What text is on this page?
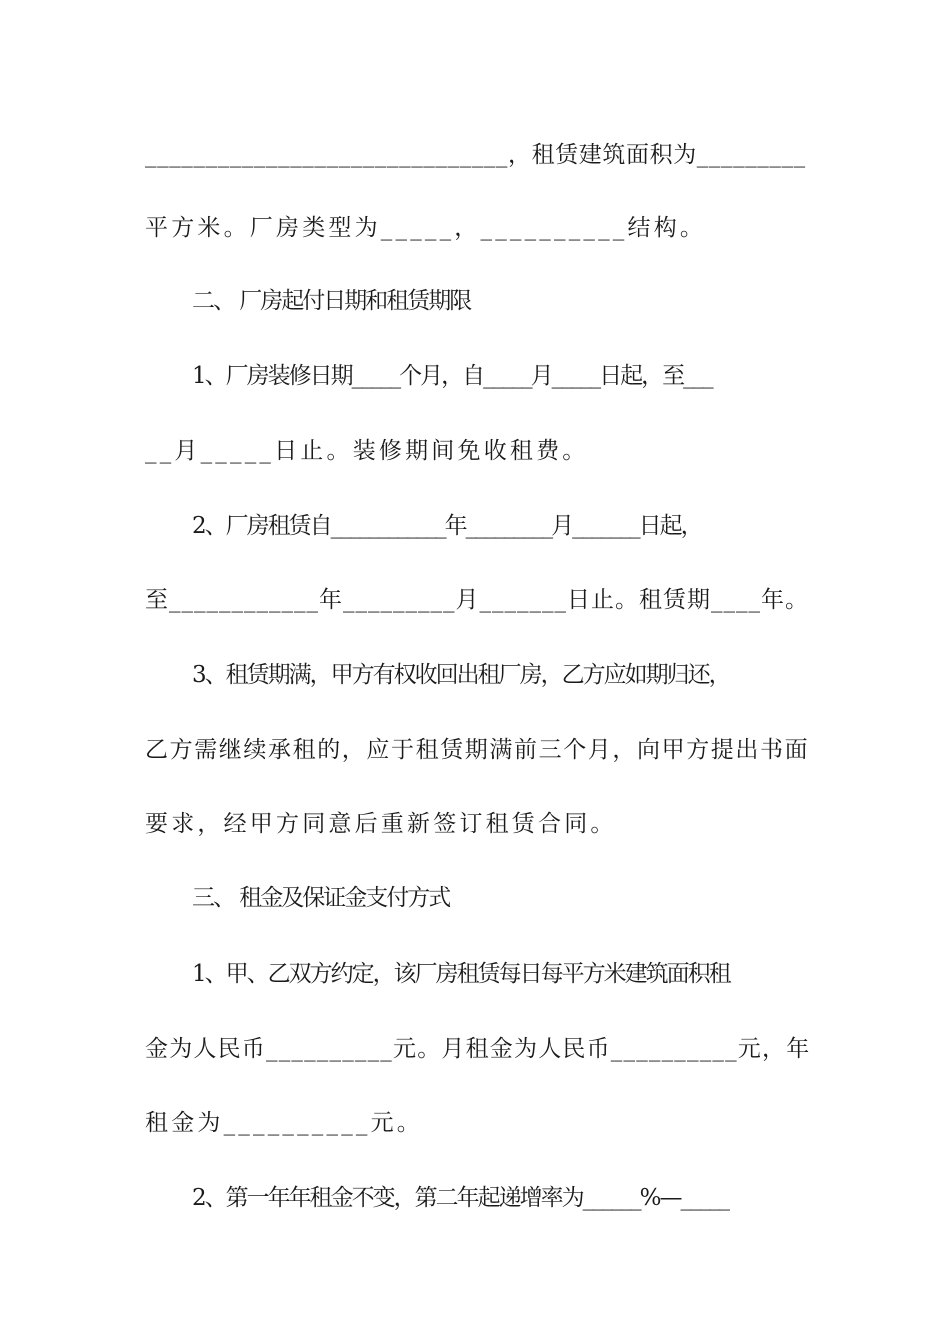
______________________________，租赁建筑面积为_________
平方米。厂房类型为_____，__________结构。
二、 厂房起付日期和租赁期限
1、厂房装修日期_____个月，自_____月_____日起，至___
__月_____日止。装修期间免收租费。
2、厂房租赁自____________年_________月_______日起，
至____________年_________月_______日止。租赁期____年。
3、租赁期满，甲方有权收回出租厂房，乙方应如期归还，
乙方需继续承租的，应于租赁期满前三个月，向甲方提出书面
要求，经甲方同意后重新签订租赁合同。
三、 租金及保证金支付方式
1、甲、乙双方约定，该厂房租赁每日每平方米建筑面积租
金为人民币__________元。月租金为人民币__________元，年
租金为__________元。
2、第一年年租金不变，第二年起递增率为______%—_____
